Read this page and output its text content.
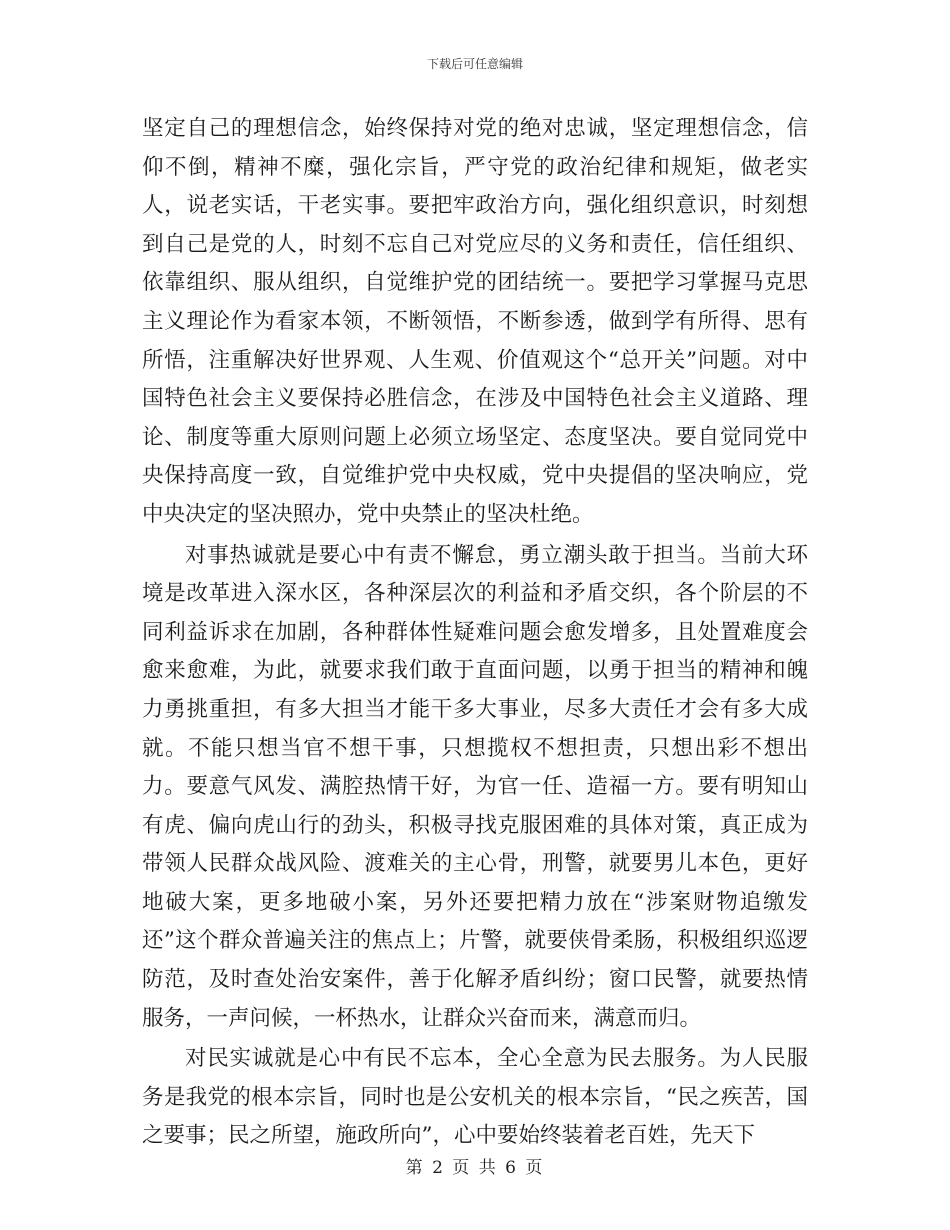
下载后可任意编辑

坚定自己的理想信念，始终保持对党的绝对忠诚，坚定理想信念，信仰不倒，精神不糜，强化宗旨，严守党的政治纪律和规矩，做老实人，说老实话，干老实事。要把牢政治方向，强化组织意识，时刻想到自己是党的人，时刻不忘自己对党应尽的义务和责任，信任组织、依靠组织、服从组织，自觉维护党的团结统一。要把学习掌握马克思主义理论作为看家本领，不断领悟，不断参透，做到学有所得、思有所悟，注重解决好世界观、人生观、价值观这个“总开关”问题。对中国特色社会主义要保持必胜信念，在涉及中国特色社会主义道路、理论、制度等重大原则问题上必须立场坚定、态度坚决。要自觉同党中央保持高度一致，自觉维护党中央权威，党中央提倡的坚决响应，党中央决定的坚决照办，党中央禁止的坚决杜绝。

对事热诚就是要心中有责不懈怠，勇立潮头敢于担当。当前大环境是改革进入深水区，各种深层次的利益和矛盾交织，各个阶层的不同利益诉求在加剧，各种群体性疑难问题会愈发增多，且处置难度会愈来愈难，为此，就要求我们敢于直面问题，以勇于担当的精神和魄力勇挑重担，有多大担当才能干多大事业，尽多大责任才会有多大成就。不能只想当官不想干事，只想揽权不想担责，只想出彩不想出力。要意气风发、满腔热情干好，为官一任、造福一方。要有明知山有虎、偏向虎山行的劲头，积极寻找克服困难的具体对策，真正成为带领人民群众战风险、渡难关的主心骨，刑警，就要男儿本色，更好地破大案，更多地破小案，另外还要把精力放在“涉案财物追缴发还”这个群众普遍关注的焦点上；片警，就要侠骨柔肠，积极组织巡逻防范，及时查处治安案件，善于化解矛盾纠纷；窗口民警，就要热情服务，一声问候，一杯热水，让群众兴奋而来，满意而归。

对民实诚就是心中有民不忘本，全心全意为民去服务。为人民服务是我党的根本宗旨，同时也是公安机关的根本宗旨，“民之疾苦，国之要事；民之所望，施政所向”，心中要始终装着老百姓，先天下

第 2 页 共 6 页
